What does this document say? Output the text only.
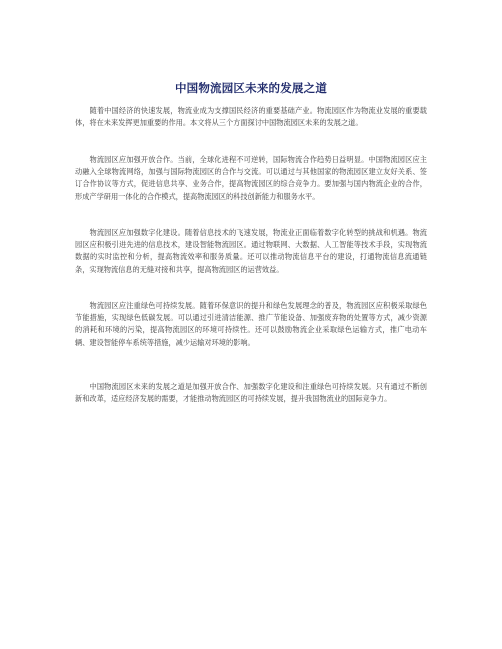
中国物流园区未来的发展之道

随着中国经济的快速发展，物流业成为支撑国民经济的重要基础产业。物流园区作为物流业发展的重要载体，将在未来发挥更加重要的作用。本文将从三个方面探讨中国物流园区未来的发展之道。

物流园区应加强开放合作。当前，全球化进程不可逆转，国际物流合作趋势日益明显。中国物流园区应主动融入全球物流网络，加强与国际物流园区的合作与交流。可以通过与其他国家的物流园区建立友好关系、签订合作协议等方式，促进信息共享、业务合作，提高物流园区的综合竞争力。要加强与国内物流企业的合作，形成产学研用一体化的合作模式，提高物流园区的科技创新能力和服务水平。

物流园区应加强数字化建设。随着信息技术的飞速发展，物流业正面临着数字化转型的挑战和机遇。物流园区应积极引进先进的信息技术，建设智能物流园区。通过物联网、大数据、人工智能等技术手段，实现物流数据的实时监控和分析，提高物流效率和服务质量。还可以推动物流信息平台的建设，打通物流信息流通链条，实现物流信息的无缝对接和共享，提高物流园区的运营效益。

物流园区应注重绿色可持续发展。随着环保意识的提升和绿色发展理念的普及，物流园区应积极采取绿色节能措施，实现绿色低碳发展。可以通过引进清洁能源、推广节能设备、加强废弃物的处置等方式，减少资源的消耗和环境的污染，提高物流园区的环境可持续性。还可以鼓励物流企业采取绿色运输方式，推广电动车辆、建设智能停车系统等措施，减少运输对环境的影响。

中国物流园区未来的发展之道是加强开放合作、加强数字化建设和注重绿色可持续发展。只有通过不断创新和改革，适应经济发展的需要，才能推动物流园区的可持续发展，提升我国物流业的国际竞争力。
